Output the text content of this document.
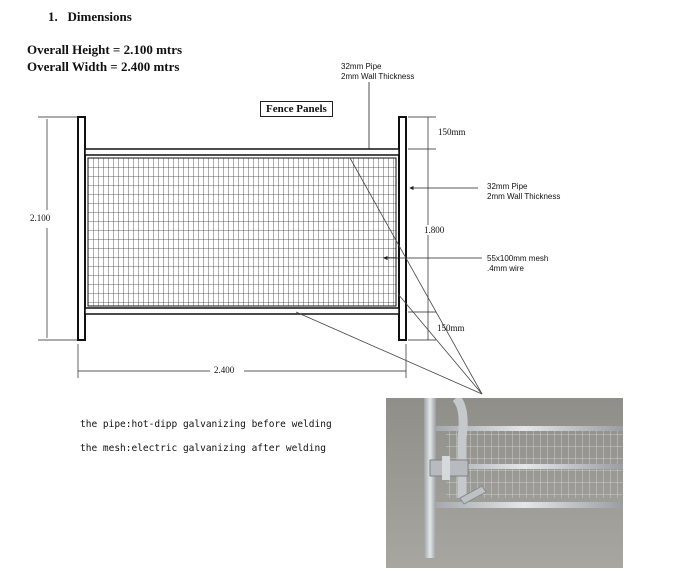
1. Dimensions
Overall Height = 2.100 mtrs
Overall Width = 2.400 mtrs
Fence Panels
32mm Pipe
2mm Wall Thickness
32mm Pipe
2mm Wall Thickness
55x100mm mesh
.4mm wire
150mm
150mm
1.800
2.100
2.400
the pipe:hot-dipp galvanizing before welding
the mesh:electric galvanizing after welding
